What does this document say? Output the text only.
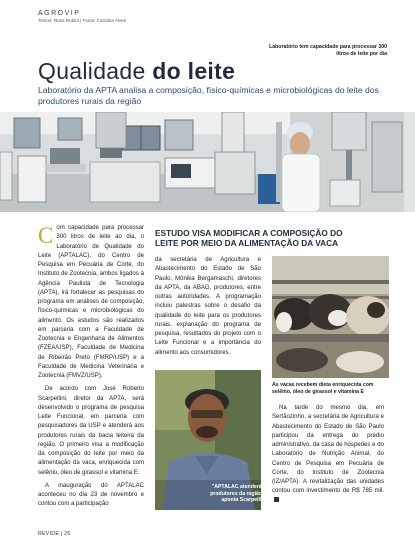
AGROVIP
Textos: Rose Rubini | Fotos: Carolina Alves
Laboratório tem capacidade para processar 300 litros de leite por dia
Qualidade do leite
Laboratório da APTA analisa a composição, físico-químicas e microbiológicas do leite dos produtores rurais da região

Com capacidade para processar 300 litros de leite ao dia, o Laboratório de Qualidade do Leite (APTALAC), do Centro de Pesquisa em Pecuária de Corte, do Instituto de Zootecnia, ambos ligados à Agência Paulista de Tecnologia (APTA), irá fortalecer as pesquisas do programa em análises de composição, físico-químicas e microbiológicas do alimento. Os estudos são realizados em parceria com a Faculdade de Zootecnia e Engenharia de Alimentos (FZEA/USP), Faculdade de Medicina de Ribeirão Preto (FMRP/USP) e a Faculdade de Medicina Veterinária e Zootecnia (FMVZ/USP).

De acordo com José Roberto Scarpellini, diretor da APTA, será desenvolvido o programa de pesquisa Leite Funcional, em parceria com pesquisadores da USP e atenderá aos produtores rurais da bacia leiteira da região. O primeiro visa a modificação da composição do leite por meio da alimentação da vaca, enriquecida com selênio, óleo de girassol e vitamina E.

A inauguração do APTALAC aconteceu no dia 23 de novembro e contou com a participação

ESTUDO VISA MODIFICAR A COMPOSIÇÃO DO LEITE POR MEIO DA ALIMENTAÇÃO DA VACA

da secretária de Agricultura e Abastecimento do Estado de São Paulo, Mônika Bergamaschi, diretores da APTA, da ABAG, produtores, entre outras autoridades. A programação incluiu palestras sobre o desafio da qualidade do leite para os produtores rurais, explanação do programa de pesquisa, resultados do projeto com o Leite Funcional e a importância do alimento aos consumidores.

"APTALAC atenderá a produtores da região", aponta Scarpellini
As vacas recebem dieta enriquecida com selênio, óleo de girassol e vitamina E

Na tarde do mesmo dia, em Sertãozinho, a secretária de Agricultura e Abastecimento do Estado de São Paulo participou da entrega do prédio administrativo, da casa de hóspedes e do Laboratório de Nutrição Animal, do Centro de Pesquisa em Pecuária de Corte, do Instituto de Zootecnia (IZ/APTA). A revitalização das unidades contou com investimento de R$ 785 mil.

REVIDE | 26
